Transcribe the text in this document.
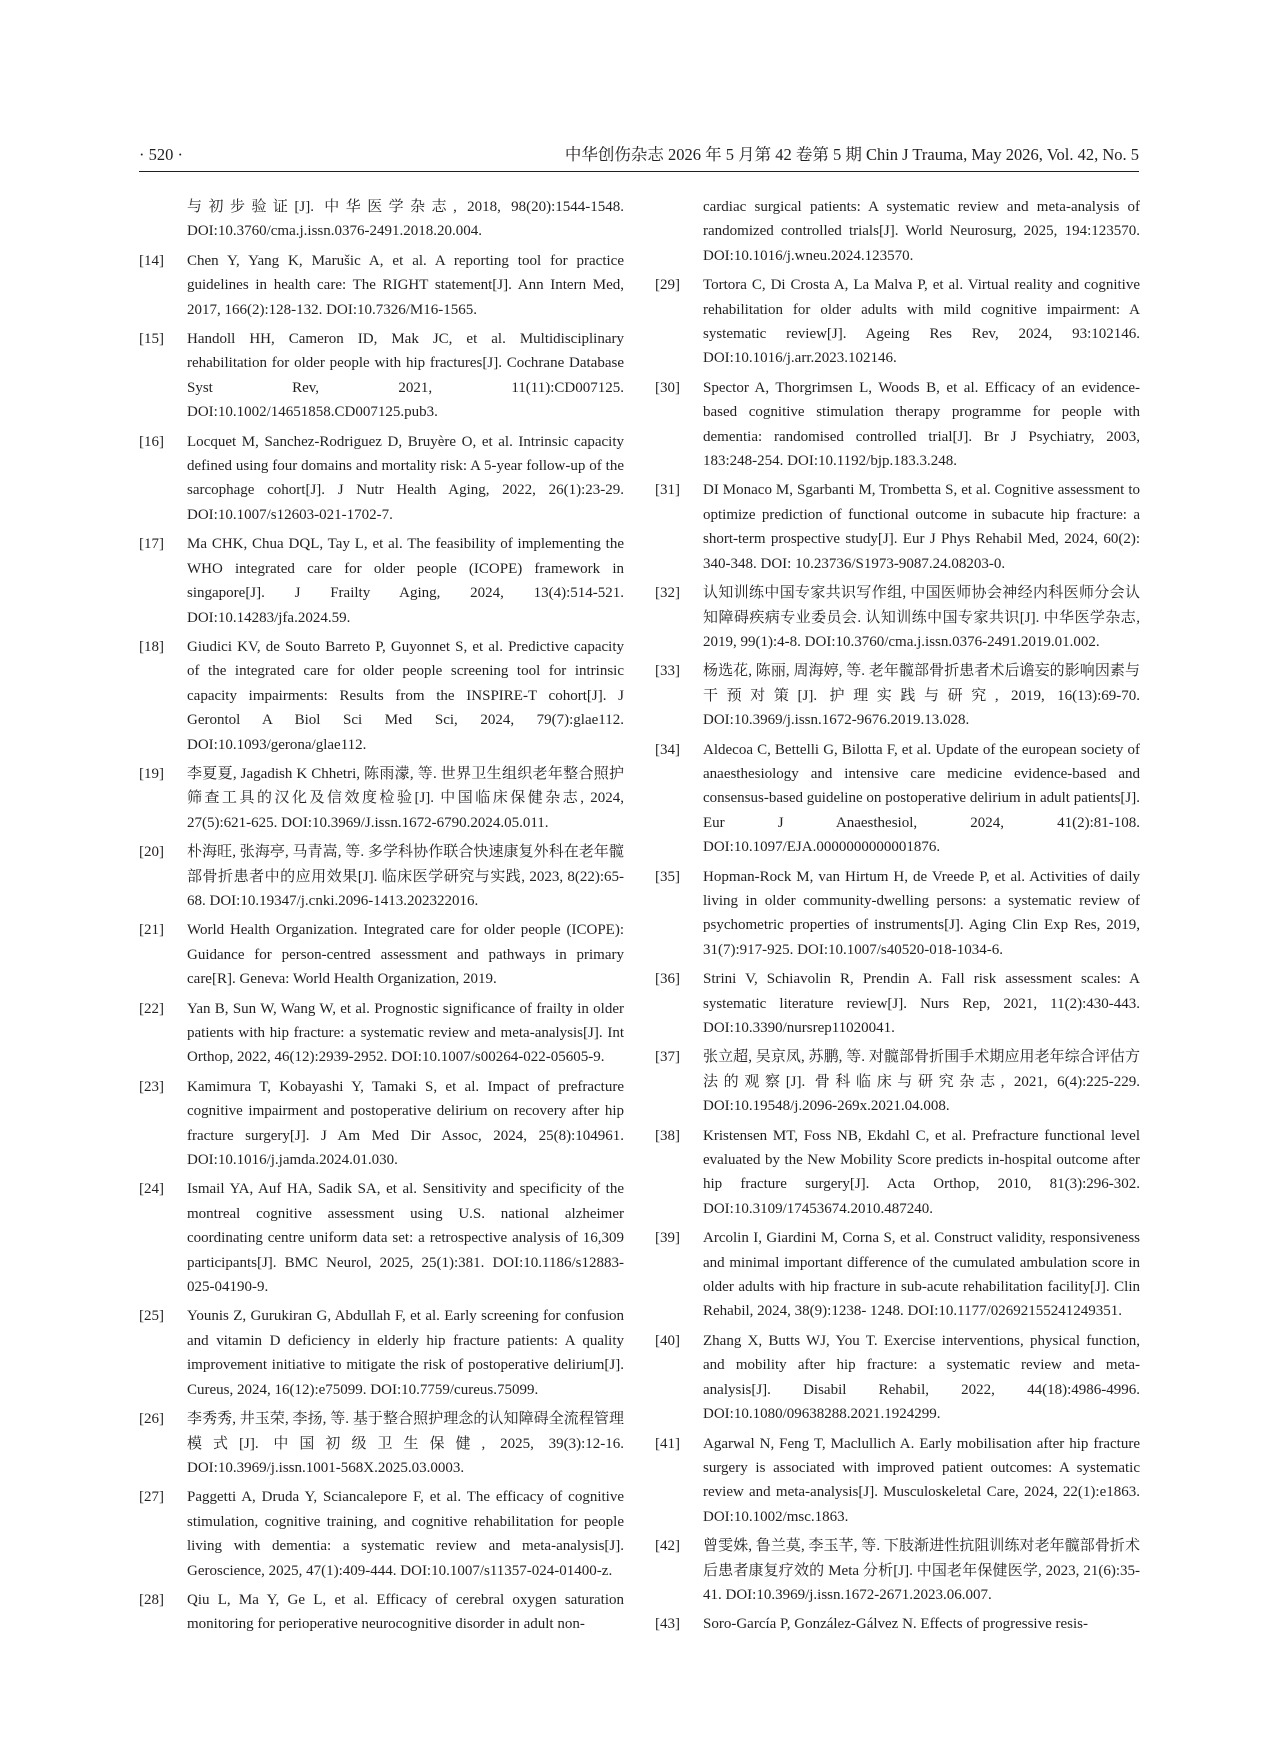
· 520 ·	中华创伤杂志 2026 年 5 月第 42 卷第 5 期 Chin J Trauma, May 2026, Vol. 42, No. 5
与初步验证[J]. 中华医学杂志, 2018, 98(20):1544-1548. DOI:10.3760/cma.j.issn.0376-2491.2018.20.004.
[14]	Chen Y, Yang K, Marušic A, et al. A reporting tool for practice guidelines in health care: The RIGHT statement[J]. Ann Intern Med, 2017, 166(2):128-132. DOI:10.7326/M16-1565.
[15]	Handoll HH, Cameron ID, Mak JC, et al. Multidisciplinary rehabilitation for older people with hip fractures[J]. Cochrane Database Syst Rev, 2021, 11(11):CD007125. DOI:10.1002/14651858.CD007125.pub3.
[16]	Locquet M, Sanchez-Rodriguez D, Bruyère O, et al. Intrinsic capacity defined using four domains and mortality risk: A 5-year follow-up of the sarcophage cohort[J]. J Nutr Health Aging, 2022, 26(1):23-29. DOI:10.1007/s12603-021-1702-7.
[17]	Ma CHK, Chua DQL, Tay L, et al. The feasibility of implementing the WHO integrated care for older people (ICOPE) framework in singapore[J]. J Frailty Aging, 2024, 13(4):514-521. DOI:10.14283/jfa.2024.59.
[18]	Giudici KV, de Souto Barreto P, Guyonnet S, et al. Predictive capacity of the integrated care for older people screening tool for intrinsic capacity impairments: Results from the INSPIRE-T cohort[J]. J Gerontol A Biol Sci Med Sci, 2024, 79(7):glae112. DOI:10.1093/gerona/glae112.
[19]	李夏夏, Jagadish K Chhetri, 陈雨濛, 等. 世界卫生组织老年整合照护筛查工具的汉化及信效度检验[J]. 中国临床保健杂志, 2024, 27(5):621-625. DOI:10.3969/J.issn.1672-6790.2024.05.011.
[20]	朴海旺, 张海亭, 马青嵩, 等. 多学科协作联合快速康复外科在老年髋部骨折患者中的应用效果[J]. 临床医学研究与实践, 2023, 8(22):65-68. DOI:10.19347/j.cnki.2096-1413.202322016.
[21]	World Health Organization. Integrated care for older people (ICOPE): Guidance for person-centred assessment and pathways in primary care[R]. Geneva: World Health Organization, 2019.
[22]	Yan B, Sun W, Wang W, et al. Prognostic significance of frailty in older patients with hip fracture: a systematic review and meta-analysis[J]. Int Orthop, 2022, 46(12):2939-2952. DOI:10.1007/s00264-022-05605-9.
[23]	Kamimura T, Kobayashi Y, Tamaki S, et al. Impact of prefracture cognitive impairment and postoperative delirium on recovery after hip fracture surgery[J]. J Am Med Dir Assoc, 2024, 25(8):104961. DOI:10.1016/j.jamda.2024.01.030.
[24]	Ismail YA, Auf HA, Sadik SA, et al. Sensitivity and specificity of the montreal cognitive assessment using U.S. national alzheimer coordinating centre uniform data set: a retrospective analysis of 16,309 participants[J]. BMC Neurol, 2025, 25(1):381. DOI:10.1186/s12883-025-04190-9.
[25]	Younis Z, Gurukiran G, Abdullah F, et al. Early screening for confusion and vitamin D deficiency in elderly hip fracture patients: A quality improvement initiative to mitigate the risk of postoperative delirium[J]. Cureus, 2024, 16(12):e75099. DOI:10.7759/cureus.75099.
[26]	李秀秀, 井玉荣, 李扬, 等. 基于整合照护理念的认知障碍全流程管理模式[J]. 中国初级卫生保健, 2025, 39(3):12-16. DOI:10.3969/j.issn.1001-568X.2025.03.0003.
[27]	Paggetti A, Druda Y, Sciancalepore F, et al. The efficacy of cognitive stimulation, cognitive training, and cognitive rehabilitation for people living with dementia: a systematic review and meta-analysis[J]. Geroscience, 2025, 47(1):409-444. DOI:10.1007/s11357-024-01400-z.
[28]	Qiu L, Ma Y, Ge L, et al. Efficacy of cerebral oxygen saturation monitoring for perioperative neurocognitive disorder in adult non-
cardiac surgical patients: A systematic review and meta-analysis of randomized controlled trials[J]. World Neurosurg, 2025, 194:123570. DOI:10.1016/j.wneu.2024.123570.
[29]	Tortora C, Di Crosta A, La Malva P, et al. Virtual reality and cognitive rehabilitation for older adults with mild cognitive impairment: A systematic review[J]. Ageing Res Rev, 2024, 93:102146. DOI:10.1016/j.arr.2023.102146.
[30]	Spector A, Thorgrimsen L, Woods B, et al. Efficacy of an evidence-based cognitive stimulation therapy programme for people with dementia: randomised controlled trial[J]. Br J Psychiatry, 2003, 183:248-254. DOI:10.1192/bjp.183.3.248.
[31]	DI Monaco M, Sgarbanti M, Trombetta S, et al. Cognitive assessment to optimize prediction of functional outcome in subacute hip fracture: a short-term prospective study[J]. Eur J Phys Rehabil Med, 2024, 60(2): 340-348. DOI: 10.23736/S1973-9087.24.08203-0.
[32]	认知训练中国专家共识写作组, 中国医师协会神经内科医师分会认知障碍疾病专业委员会. 认知训练中国专家共识[J]. 中华医学杂志, 2019, 99(1):4-8. DOI:10.3760/cma.j.issn.0376-2491.2019.01.002.
[33]	杨选花, 陈丽, 周海婷, 等. 老年髋部骨折患者术后谵妄的影响因素与干预对策[J]. 护理实践与研究, 2019, 16(13):69-70. DOI:10.3969/j.issn.1672-9676.2019.13.028.
[34]	Aldecoa C, Bettelli G, Bilotta F, et al. Update of the european society of anaesthesiology and intensive care medicine evidence-based and consensus-based guideline on postoperative delirium in adult patients[J]. Eur J Anaesthesiol, 2024, 41(2):81-108. DOI:10.1097/EJA.0000000000001876.
[35]	Hopman-Rock M, van Hirtum H, de Vreede P, et al. Activities of daily living in older community-dwelling persons: a systematic review of psychometric properties of instruments[J]. Aging Clin Exp Res, 2019, 31(7):917-925. DOI:10.1007/s40520-018-1034-6.
[36]	Strini V, Schiavolin R, Prendin A. Fall risk assessment scales: A systematic literature review[J]. Nurs Rep, 2021, 11(2):430-443. DOI:10.3390/nursrep11020041.
[37]	张立超, 吴京凤, 苏鹏, 等. 对髋部骨折围手术期应用老年综合评估方法的观察[J]. 骨科临床与研究杂志, 2021, 6(4):225-229. DOI:10.19548/j.2096-269x.2021.04.008.
[38]	Kristensen MT, Foss NB, Ekdahl C, et al. Prefracture functional level evaluated by the New Mobility Score predicts in-hospital outcome after hip fracture surgery[J]. Acta Orthop, 2010, 81(3):296-302. DOI:10.3109/17453674.2010.487240.
[39]	Arcolin I, Giardini M, Corna S, et al. Construct validity, responsiveness and minimal important difference of the cumulated ambulation score in older adults with hip fracture in sub-acute rehabilitation facility[J]. Clin Rehabil, 2024, 38(9):1238- 1248. DOI:10.1177/02692155241249351.
[40]	Zhang X, Butts WJ, You T. Exercise interventions, physical function, and mobility after hip fracture: a systematic review and meta-analysis[J]. Disabil Rehabil, 2022, 44(18):4986-4996. DOI:10.1080/09638288.2021.1924299.
[41]	Agarwal N, Feng T, Maclullich A. Early mobilisation after hip fracture surgery is associated with improved patient outcomes: A systematic review and meta-analysis[J]. Musculoskeletal Care, 2024, 22(1):e1863. DOI:10.1002/msc.1863.
[42]	曾雯姝, 鲁兰莫, 李玉芊, 等. 下肢渐进性抗阻训练对老年髋部骨折术后患者康复疗效的 Meta 分析[J]. 中国老年保健医学, 2023, 21(6):35-41. DOI:10.3969/j.issn.1672-2671.2023.06.007.
[43]	Soro-García P, González-Gálvez N. Effects of progressive resis-
